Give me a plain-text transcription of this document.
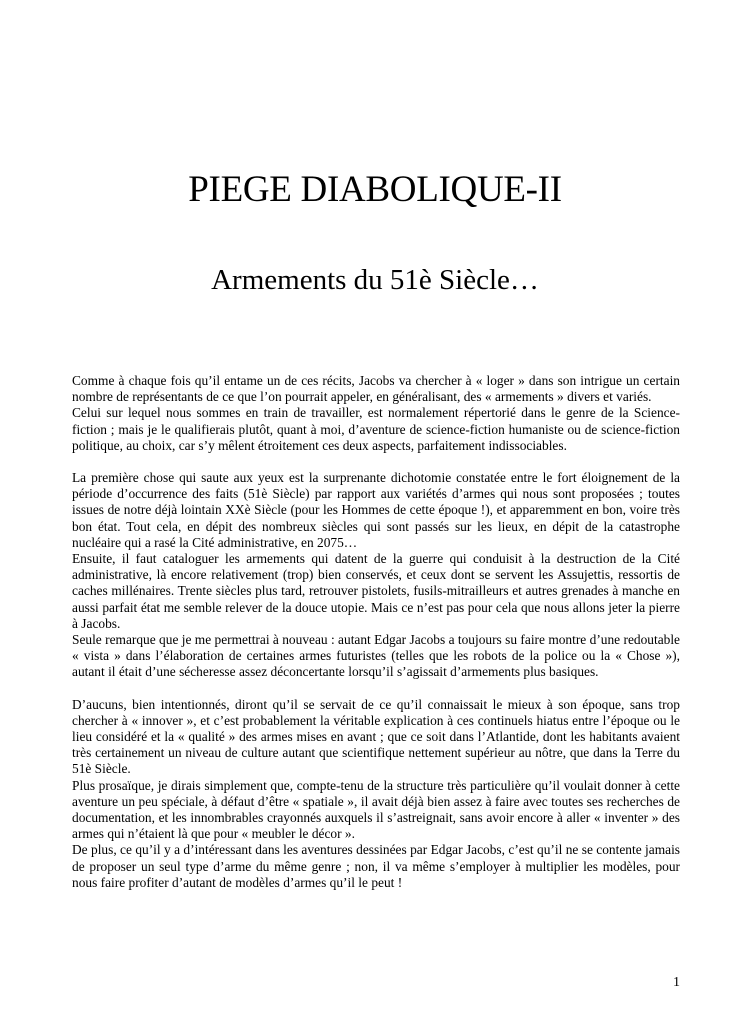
PIEGE DIABOLIQUE-II
Armements du 51è Siècle…

Comme à chaque fois qu’il entame un de ces récits, Jacobs va chercher à « loger » dans son intrigue un certain nombre de représentants de ce que l’on pourrait appeler, en généralisant, des « armements » divers et variés.

Celui sur lequel nous sommes en train de travailler, est normalement répertorié dans le genre de la Science-fiction ; mais je le qualifierais plutôt, quant à moi, d’aventure de science-fiction humaniste ou de science-fiction politique, au choix, car s’y mêlent étroitement ces deux aspects, parfaitement indissociables.

La première chose qui saute aux yeux est la surprenante dichotomie constatée entre le fort éloignement de la période d’occurrence des faits (51è Siècle) par rapport aux variétés d’armes qui nous sont proposées ; toutes issues de notre déjà lointain XXè Siècle (pour les Hommes de cette époque !), et apparemment en bon, voire très bon état. Tout cela, en dépit des nombreux siècles qui sont passés sur les lieux, en dépit de la catastrophe nucléaire qui a rasé la Cité administrative, en 2075…

Ensuite, il faut cataloguer les armements qui datent de la guerre qui conduisit à la destruction de la Cité administrative, là encore relativement (trop) bien conservés, et ceux dont se servent les Assujettis, ressortis de caches millénaires. Trente siècles plus tard, retrouver pistolets, fusils-mitrailleurs et autres grenades à manche en aussi parfait état me semble relever de la douce utopie. Mais ce n’est pas pour cela que nous allons jeter la pierre à Jacobs.

Seule remarque que je me permettrai à nouveau : autant Edgar Jacobs a toujours su faire montre d’une redoutable « vista » dans l’élaboration de certaines armes futuristes (telles que les robots de la police ou la « Chose »), autant il était d’une sécheresse assez déconcertante lorsqu’il s’agissait d’armements plus basiques.

D’aucuns, bien intentionnés, diront qu’il se servait de ce qu’il connaissait le mieux à son époque, sans trop chercher à « innover », et c’est probablement la véritable explication à ces continuels hiatus entre l’époque ou le lieu considéré et la « qualité » des armes mises en avant ; que ce soit dans l’Atlantide, dont les habitants avaient très certainement un niveau de culture autant que scientifique nettement supérieur au nôtre, que dans la Terre du 51è Siècle.

Plus prosaïque, je dirais simplement que, compte-tenu de la structure très particulière qu’il voulait donner à cette aventure un peu spéciale, à défaut d’être « spatiale », il avait déjà bien assez à faire avec toutes ses recherches de documentation, et les innombrables crayonnés auxquels il s’astreignait, sans avoir encore à aller « inventer » des armes qui n’étaient là que pour « meubler le décor ».

De plus, ce qu’il y a d’intéressant dans les aventures dessinées par Edgar Jacobs, c’est qu’il ne se contente jamais de proposer un seul type d’arme du même genre ; non, il va même s’employer à multiplier les modèles, pour nous faire profiter d’autant de modèles d’armes qu’il le peut !

1
